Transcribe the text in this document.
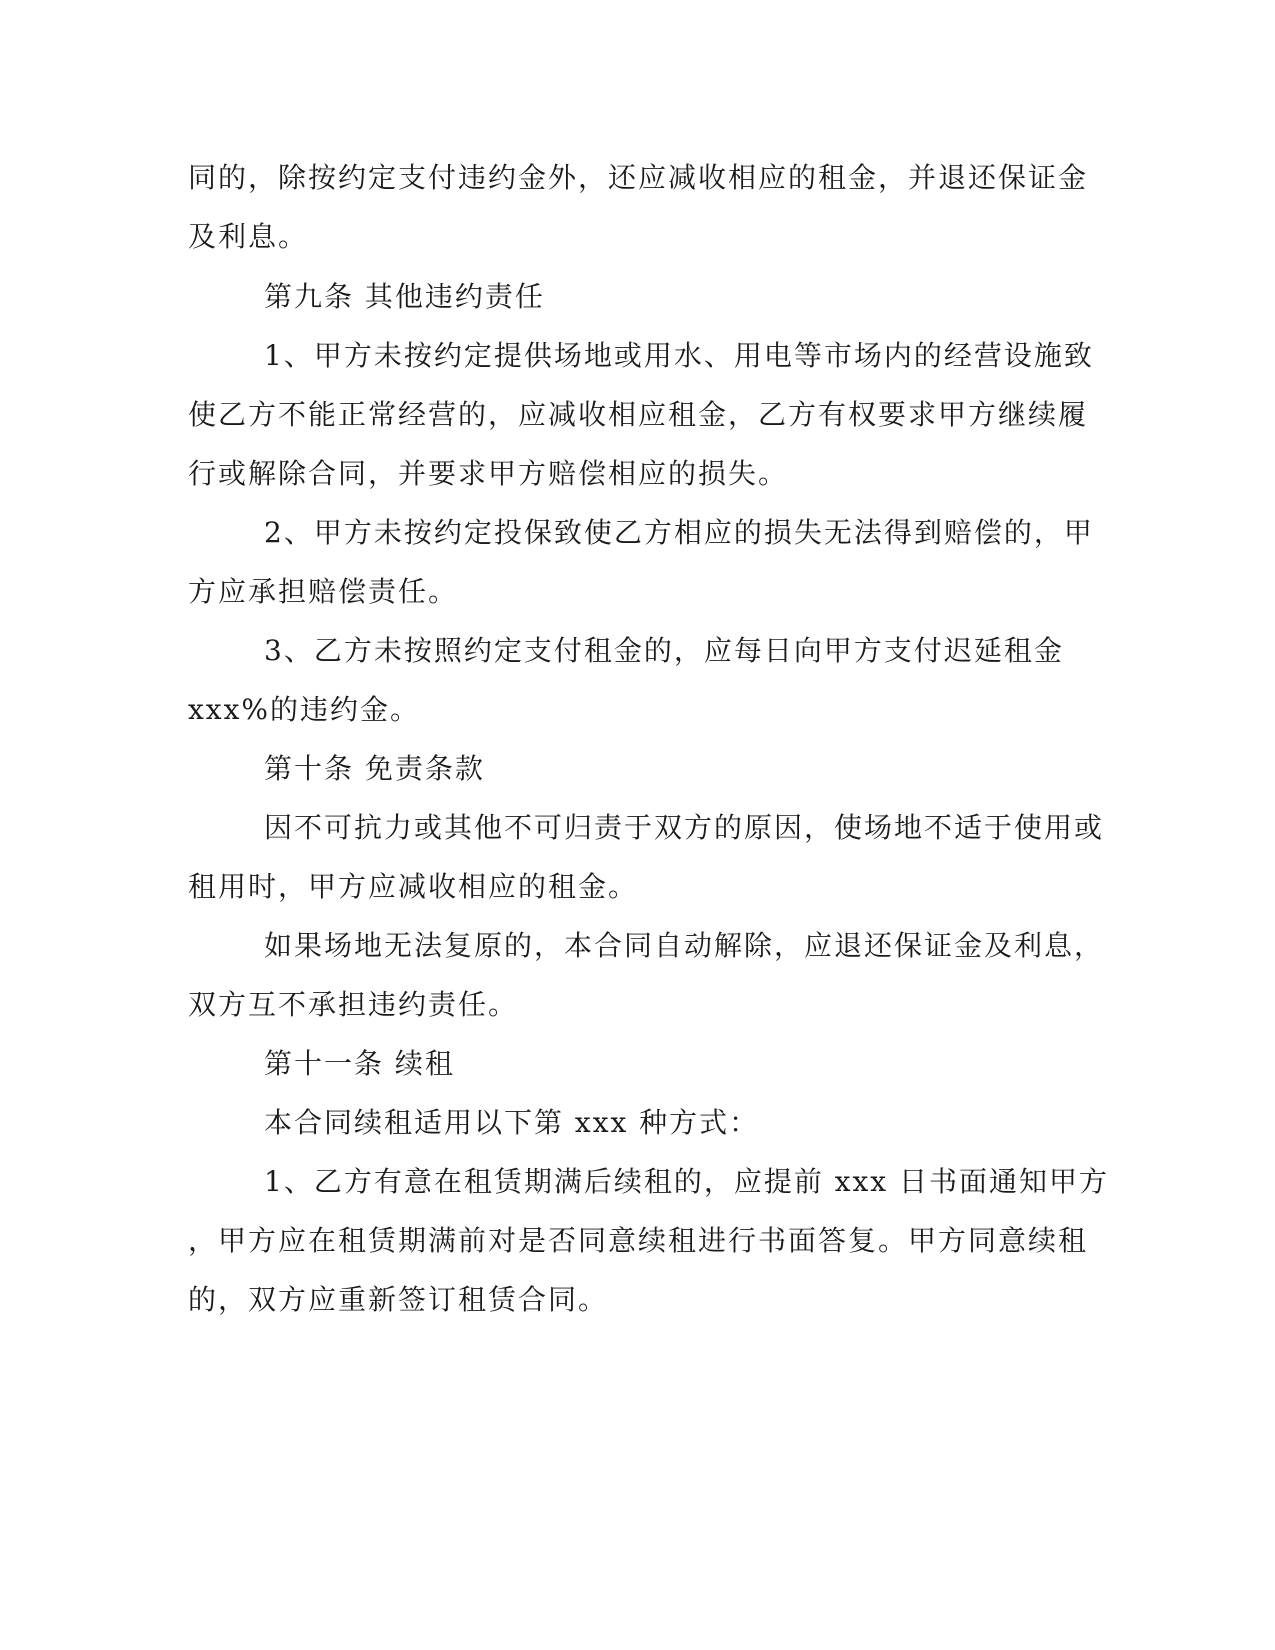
同的，除按约定支付违约金外，还应减收相应的租金，并退还保证金
及利息。
第九条 其他违约责任
1、甲方未按约定提供场地或用水、用电等市场内的经营设施致
使乙方不能正常经营的，应减收相应租金，乙方有权要求甲方继续履
行或解除合同，并要求甲方赔偿相应的损失。
2、甲方未按约定投保致使乙方相应的损失无法得到赔偿的，甲
方应承担赔偿责任。
3、乙方未按照约定支付租金的，应每日向甲方支付迟延租金
xxx%的违约金。
第十条 免责条款
因不可抗力或其他不可归责于双方的原因，使场地不适于使用或
租用时，甲方应减收相应的租金。
如果场地无法复原的，本合同自动解除，应退还保证金及利息，
双方互不承担违约责任。
第十一条 续租
本合同续租适用以下第 xxx 种方式：
1、乙方有意在租赁期满后续租的，应提前 xxx 日书面通知甲方
，甲方应在租赁期满前对是否同意续租进行书面答复。甲方同意续租
的，双方应重新签订租赁合同。
